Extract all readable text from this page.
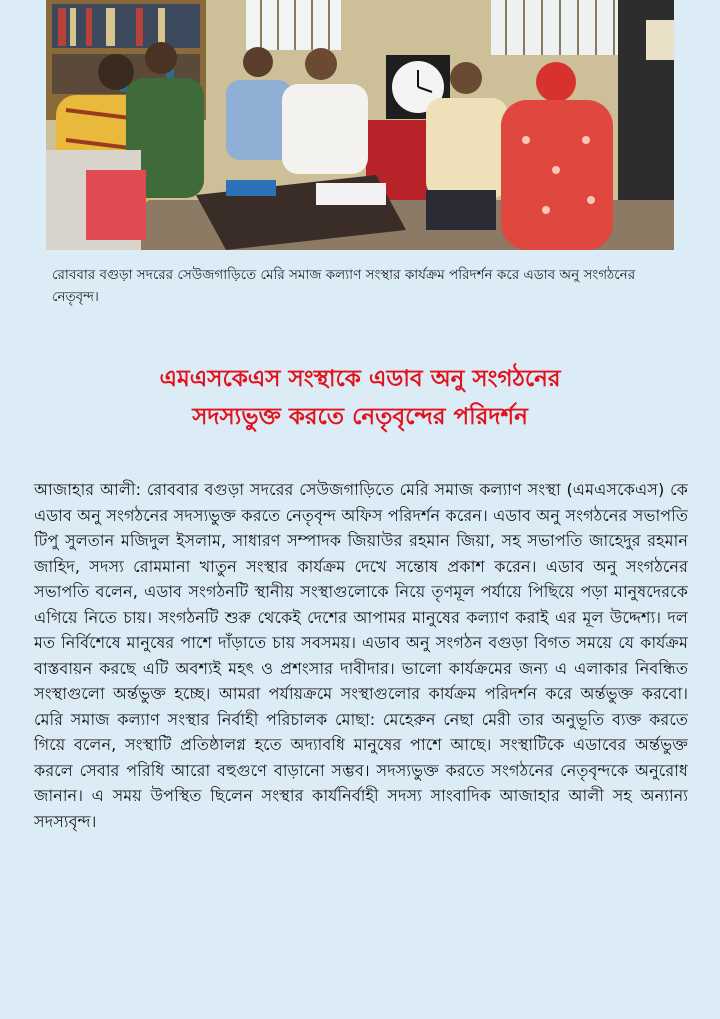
রোববার বগুড়া সদরের সেউজগাড়িতে মেরি সমাজ কল্যাণ সংস্থার কার্যক্রম পরিদর্শন করে এডাব অনু সংগঠনের নেতৃবৃন্দ।

এমএসকেএস সংস্থাকে এডাব অনু সংগঠনের
সদস্যভুক্ত করতে নেতৃবৃন্দের পরিদর্শন

আজাহার আলী: রোববার বগুড়া সদরের সেউজগাড়িতে মেরি সমাজ কল্যাণ সংস্থা (এমএসকেএস) কে এডাব অনু সংগঠনের সদস্যভুক্ত করতে নেতৃবৃন্দ অফিস পরিদর্শন করেন। এডাব অনু সংগঠনের সভাপতি টিপু সুলতান মজিদুল ইসলাম, সাধারণ সম্পাদক জিয়াউর রহমান জিয়া, সহ সভাপতি জাহেদুর রহমান জাহিদ, সদস্য রোমমানা খাতুন সংস্থার কার্যক্রম দেখে সন্তোষ প্রকাশ করেন। এডাব অনু সংগঠনের সভাপতি বলেন, এডাব সংগঠনটি স্থানীয় সংস্থাগুলোকে নিয়ে তৃণমূল পর্যায়ে পিছিয়ে পড়া মানুষদেরকে এগিয়ে নিতে চায়। সংগঠনটি শুরু থেকেই দেশের আপামর মানুষের কল্যাণ করাই এর মূল উদ্দেশ্য। দল মত নির্বিশেষে মানুষের পাশে দাঁড়াতে চায় সবসময়। এডাব অনু সংগঠন বগুড়া বিগত সময়ে যে কার্যক্রম বাস্তবায়ন করছে এটি অবশ্যই মহৎ ও প্রশংসার দাবীদার। ভালো কার্যক্রমের জন্য এ এলাকার নিবন্ধিত সংস্থাগুলো অর্ন্তভুক্ত হচ্ছে। আমরা পর্যায়ক্রমে সংস্থাগুলোর কার্যক্রম পরিদর্শন করে অর্ন্তভুক্ত করবো। মেরি সমাজ কল্যাণ সংস্থার নির্বাহী পরিচালক মোছা: মেহেরুন নেছা মেরী তার অনুভূতি ব্যক্ত করতে গিয়ে বলেন, সংস্থাটি প্রতিষ্ঠালগ্ন হতে অদ্যাবধি মানুষের পাশে আছে। সংস্থাটিকে এডাবের অর্ন্তভুক্ত করলে সেবার পরিধি আরো বহুগুণে বাড়ানো সম্ভব। সদস্যভুক্ত করতে সংগঠনের নেতৃবৃন্দকে অনুরোধ জানান। এ সময় উপস্থিত ছিলেন সংস্থার কার্যনির্বাহী সদস্য সাংবাদিক আজাহার আলী সহ অন্যান্য সদস্যবৃন্দ।
